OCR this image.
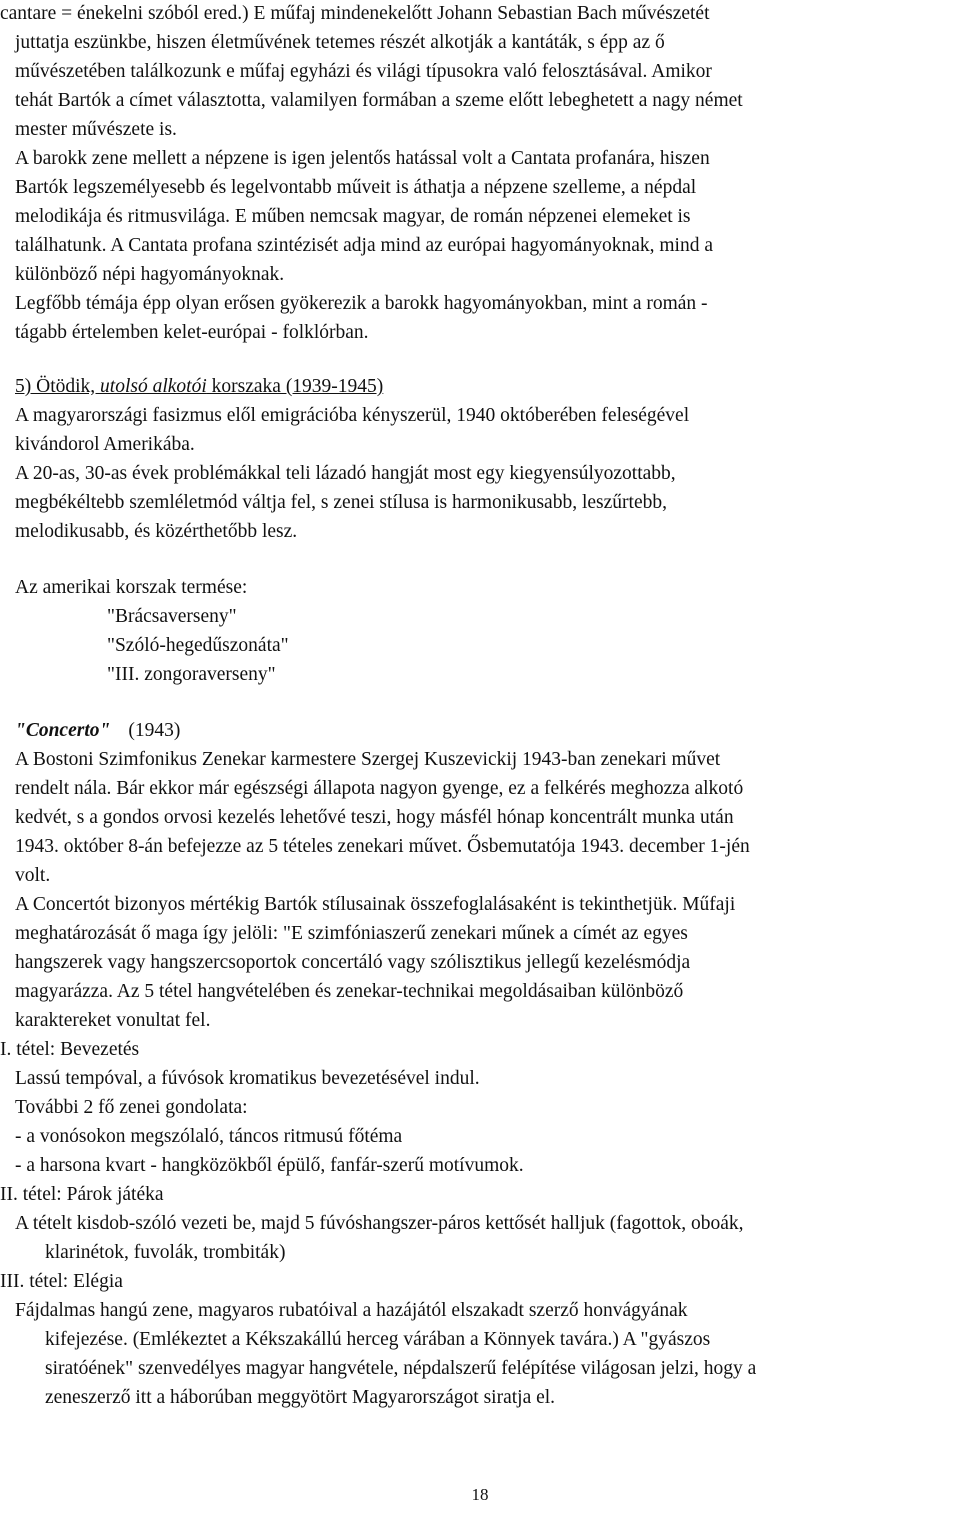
cantare = énekelni szóból ered.) E műfaj mindenekelőtt Johann Sebastian Bach művészetét
juttatja eszünkbe, hiszen életművének tetemes részét alkotják a kantáták, s épp az ő
művészetében találkozunk e műfaj egyházi és világi típusokra való felosztásával. Amikor
tehát Bartók a címet választotta, valamilyen formában a szeme előtt lebeghetett a nagy német
mester művészete is.
A barokk zene mellett a népzene is igen jelentős hatással volt a Cantata profanára, hiszen
Bartók legszemélyesebb és legelvontabb műveit is áthatja a népzene szelleme, a népdal
melodikája és ritmusvilága. E műben nemcsak magyar, de román népzenei elemeket is
találhatunk. A Cantata profana szintézisét adja mind az európai hagyományoknak, mind a
különböző népi hagyományoknak.
Legfőbb témája épp olyan erősen gyökerezik a barokk hagyományokban, mint a román -
tágabb értelemben kelet-európai - folklórban.
5) Ötödik, utolsó alkotói korszaka (1939-1945)
A magyarországi fasizmus elől emigrációba kényszerül, 1940 októberében feleségével
kivándorol Amerikába.
A 20-as, 30-as évek problémákkal teli lázadó hangját most egy kiegyensúlyozottabb,
megbékéltebb szemléletmód váltja fel, s zenei stílusa is harmonikusabb, leszűrtebb,
melodikusabb, és közérthetőbb lesz.
Az amerikai korszak termése:
"Brácsaverseny"
"Szóló-hegedűszonáta"
"III. zongoraverseny"
"Concerto" (1943)
A Bostoni Szimfonikus Zenekar karmestere Szergej Kuszevickij 1943-ban zenekari művet
rendelt nála. Bár ekkor már egészségi állapota nagyon gyenge, ez a felkérés meghozza alkotó
kedvét, s a gondos orvosi kezelés lehetővé teszi, hogy másfél hónap koncentrált munka után
1943. október 8-án befejezze az 5 tételes zenekari művet. Ősbemutatója 1943. december 1-jén
volt.
A Concertót bizonyos mértékig Bartók stílusainak összefoglalásaként is tekinthetjük. Műfaji
meghatározását ő maga így jelöli: "E szimfóniaszerű zenekari műnek a címét az egyes
hangszerek vagy hangszercsoportok concertáló vagy szólisztikus jellegű kezelésmódja
magyarázza. Az 5 tétel hangvételében és zenekar-technikai megoldásaiban különböző
karaktereket vonultat fel.
I. tétel: Bevezetés
Lassú tempóval, a fúvósok kromatikus bevezetésével indul.
További 2 fő zenei gondolata:
- a vonósokon megszólaló, táncos ritmusú főtéma
- a harsona kvart - hangközökből épülő, fanfár-szerű motívumok.
II. tétel: Párok játéka
A tételt kisdob-szóló vezeti be, majd 5 fúvóshangszer-páros kettősét halljuk (fagottok, oboák,
klarinétok, fuvolák, trombiták)
III. tétel: Elégia
Fájdalmas hangú zene, magyaros rubatóival a hazájától elszakadt szerző honvágyának
kifejezése. (Emlékeztet a Kékszakállú herceg várában a Könnyek tavára.) A "gyászos
siratóének" szenvedélyes magyar hangvétele, népdalszerű felépítése világosan jelzi, hogy a
zeneszerző itt a háborúban meggyötört Magyarországot siratja el.
18
